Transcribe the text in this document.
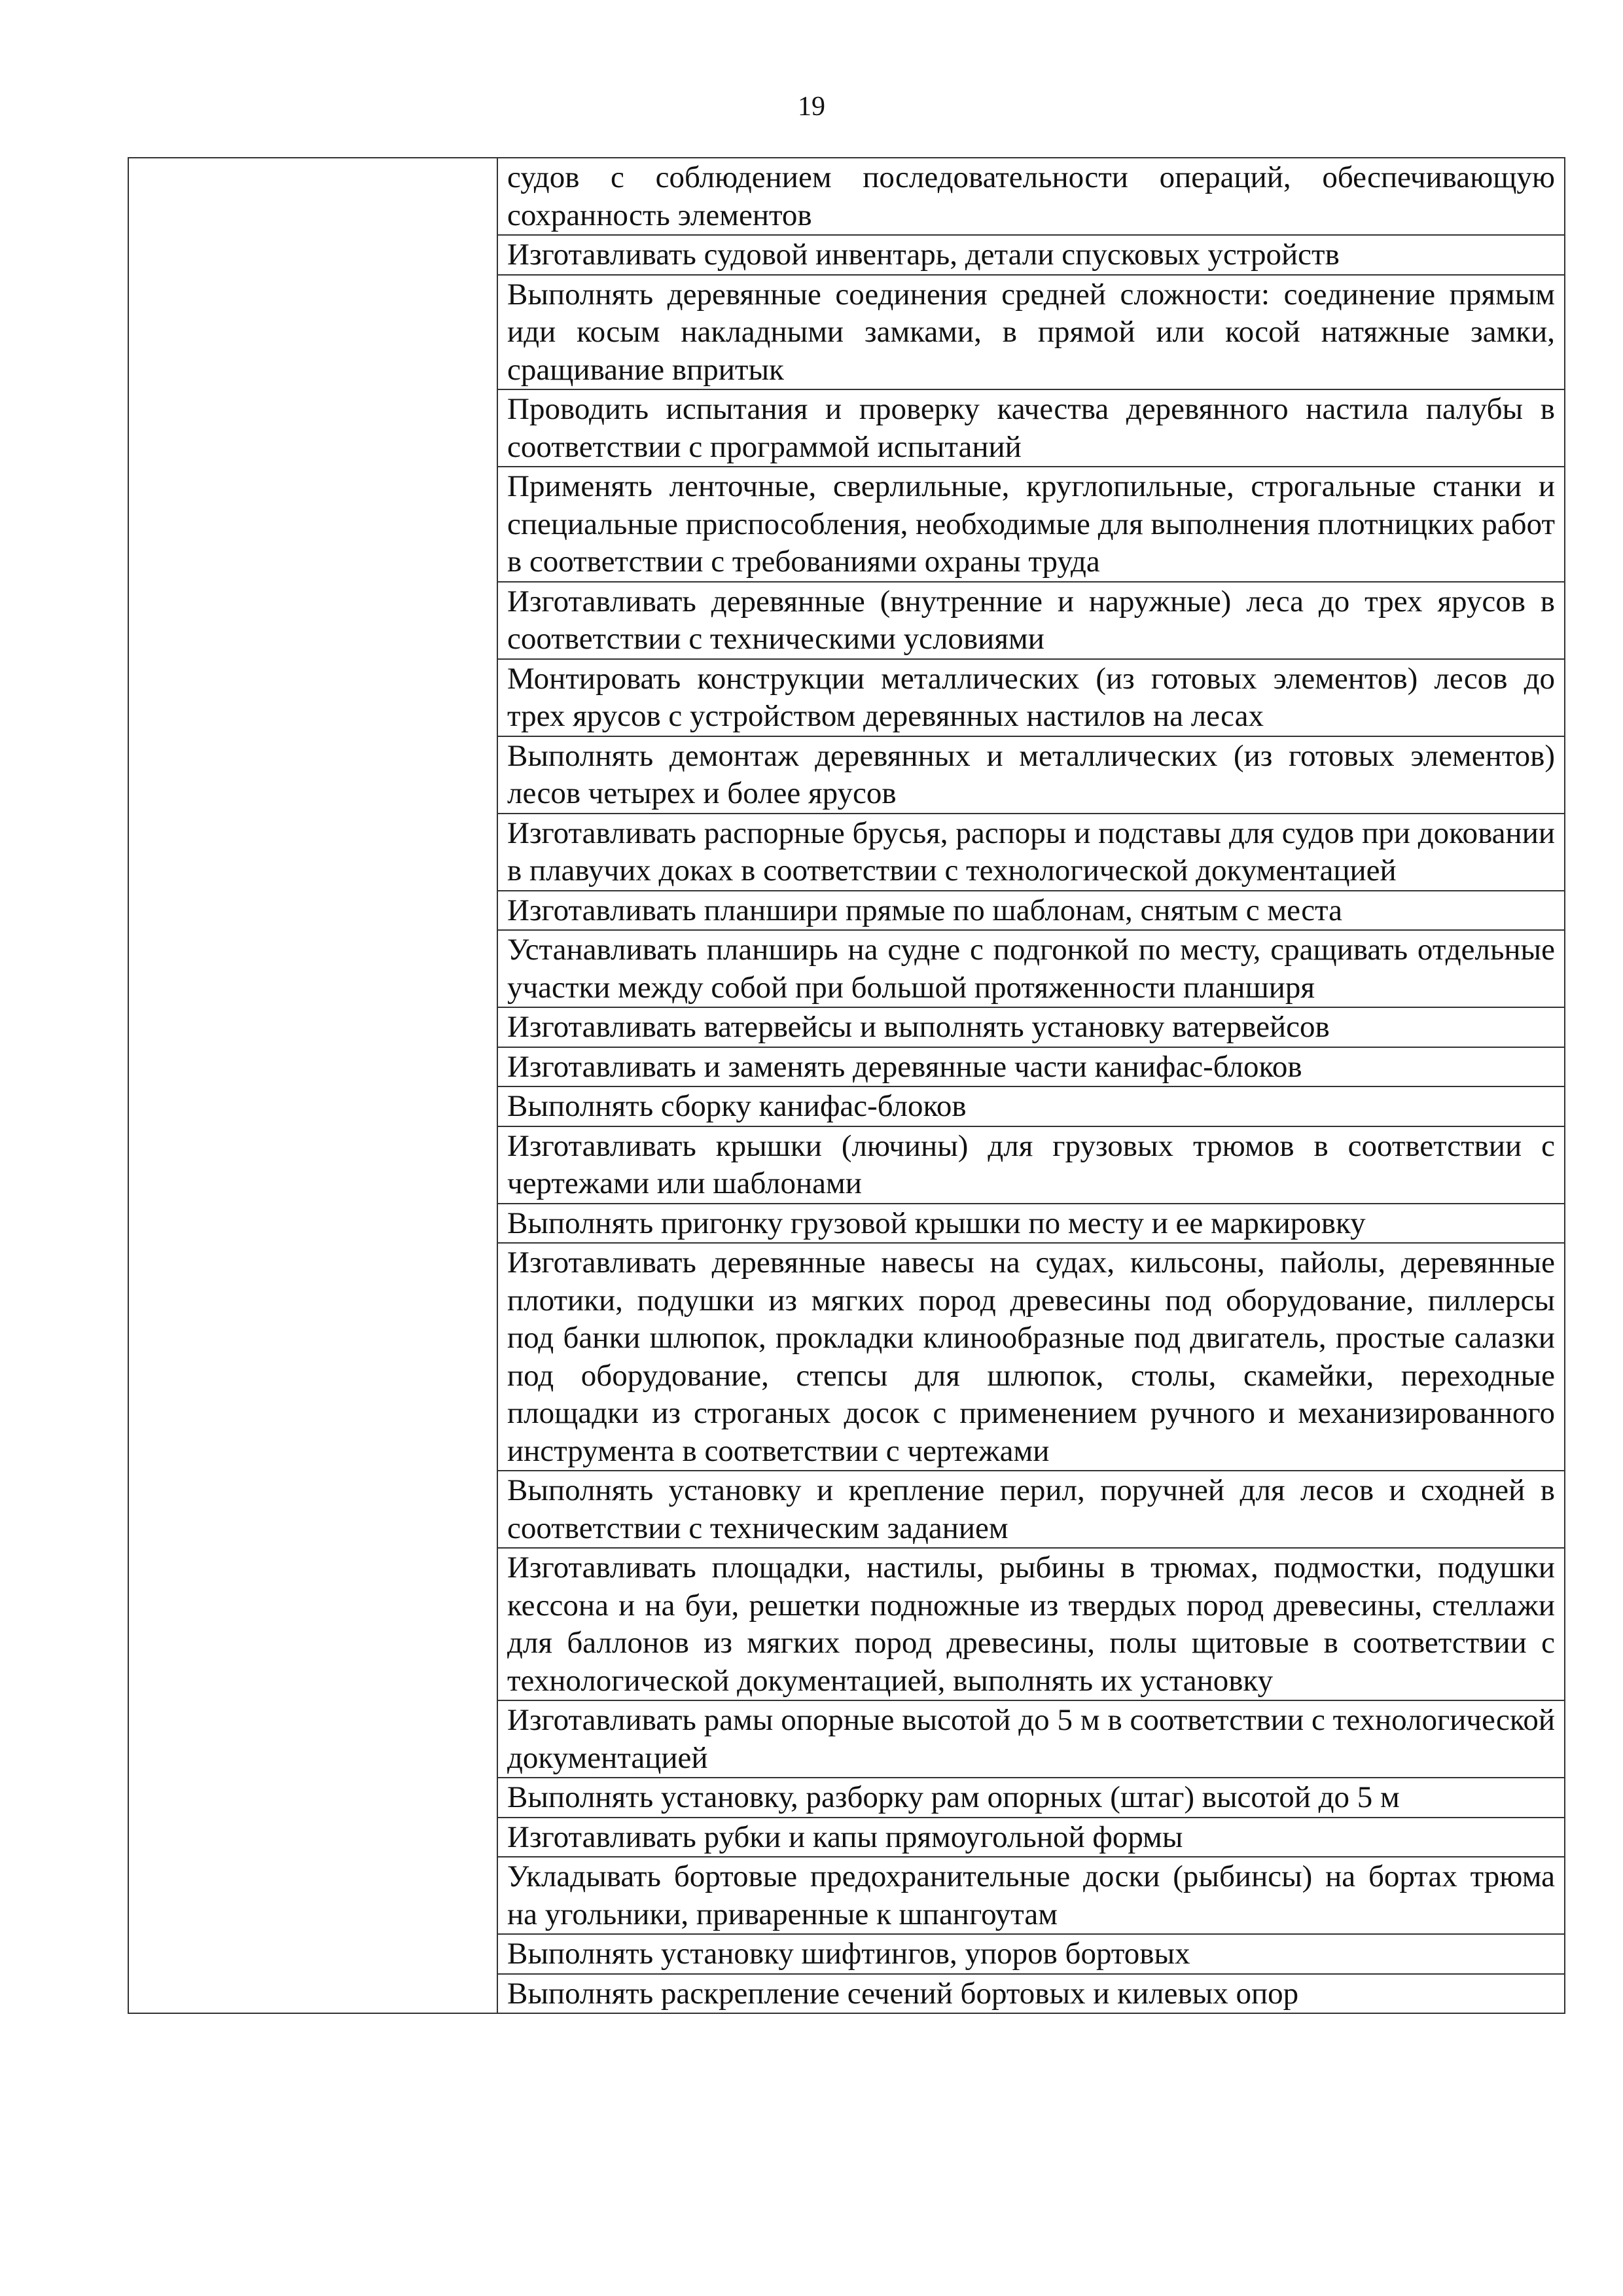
19

судов с соблюдением последовательности операций, обеспечивающую сохранность элементов

Изготавливать судовой инвентарь, детали спусковых устройств

Выполнять деревянные соединения средней сложности: соединение прямым иди косым накладными замками, в прямой или косой натяжные замки, сращивание впритык

Проводить испытания и проверку качества деревянного настила палубы в соответствии с программой испытаний

Применять ленточные, сверлильные, круглопильные, строгальные станки и специальные приспособления, необходимые для выполнения плотницких работ в соответствии с требованиями охраны труда

Изготавливать деревянные (внутренние и наружные) леса до трех ярусов в соответствии с техническими условиями

Монтировать конструкции металлических (из готовых элементов) лесов до трех ярусов с устройством деревянных настилов на лесах

Выполнять демонтаж деревянных и металлических (из готовых элементов) лесов четырех и более ярусов

Изготавливать распорные брусья, распоры и подставы для судов при доковании в плавучих доках в соответствии с технологической документацией

Изготавливать планшири прямые по шаблонам, снятым с места

Устанавливать планширь на судне с подгонкой по месту, сращивать отдельные участки между собой при большой протяженности планширя

Изготавливать ватервейсы и выполнять установку ватервейсов

Изготавливать и заменять деревянные части канифас-блоков

Выполнять сборку канифас-блоков

Изготавливать крышки (лючины) для грузовых трюмов в соответствии с чертежами или шаблонами

Выполнять пригонку грузовой крышки по месту и ее маркировку

Изготавливать деревянные навесы на судах, кильсоны, пайолы, деревянные плотики, подушки из мягких пород древесины под оборудование, пиллерсы под банки шлюпок, прокладки клинообразные под двигатель, простые салазки под оборудование, степсы для шлюпок, столы, скамейки, переходные площадки из строганых досок с применением ручного и механизированного инструмента в соответствии с чертежами

Выполнять установку и крепление перил, поручней для лесов и сходней в соответствии с техническим заданием

Изготавливать площадки, настилы, рыбины в трюмах, подмостки, подушки кессона и на буи, решетки подножные из твердых пород древесины, стеллажи для баллонов из мягких пород древесины, полы щитовые в соответствии с технологической документацией, выполнять их установку

Изготавливать рамы опорные высотой до 5 м в соответствии с технологической документацией

Выполнять установку, разборку рам опорных (штаг) высотой до 5 м

Изготавливать рубки и капы прямоугольной формы

Укладывать бортовые предохранительные доски (рыбинсы) на бортах трюма на угольники, приваренные к шпангоутам

Выполнять установку шифтингов, упоров бортовых

Выполнять раскрепление сечений бортовых и килевых опор
